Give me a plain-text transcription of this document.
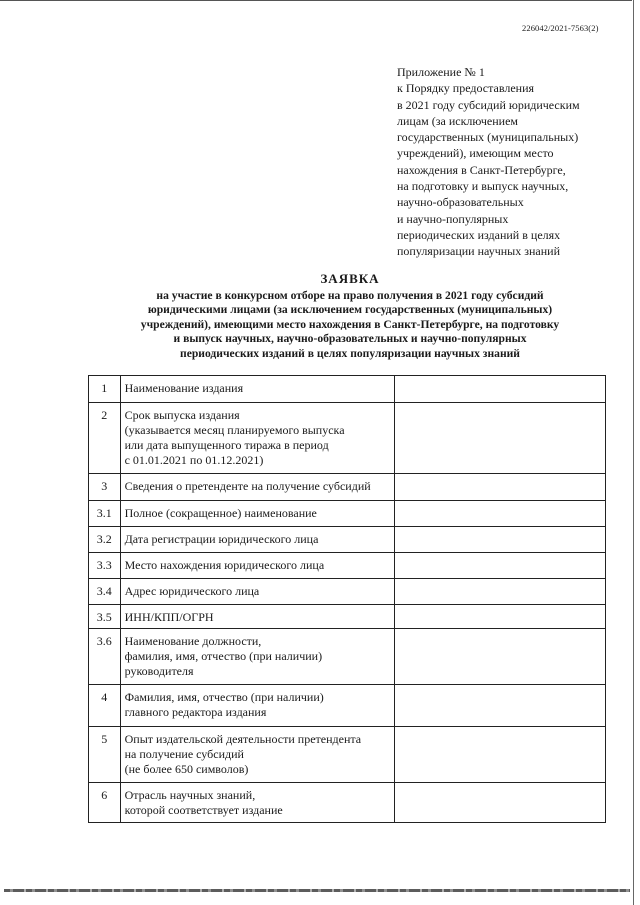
226042/2021-7563(2)
Приложение № 1
к Порядку предоставления
в 2021 году субсидий юридическим
лицам (за исключением
государственных (муниципальных)
учреждений), имеющим место
нахождения в Санкт-Петербурге,
на подготовку и выпуск научных,
научно-образовательных
и научно-популярных
периодических изданий в целях
популяризации научных знаний
ЗАЯВКА
на участие в конкурсном отборе на право получения в 2021 году субсидий
юридическими лицами (за исключением государственных (муниципальных)
учреждений), имеющими место нахождения в Санкт-Петербурге, на подготовку
и выпуск научных, научно-образовательных и научно-популярных
периодических изданий в целях популяризации научных знаний
1	Наименование издания	

2	Срок выпуска издания
(указывается месяц планируемого выпуска
или дата выпущенного тиража в период
с 01.01.2021 по 01.12.2021)	

3	Сведения о претенденте на получение субсидий	

3.1	Полное (сокращенное) наименование	

3.2	Дата регистрации юридического лица	

3.3	Место нахождения юридического лица	

3.4	Адрес юридического лица	

3.5	ИНН/КПП/ОГРН	

3.6	Наименование должности,
фамилия, имя, отчество (при наличии)
руководителя	

4	Фамилия, имя, отчество (при наличии)
главного редактора издания	

5	Опыт издательской деятельности претендента
на получение субсидий
(не более 650 символов)	

6	Отрасль научных знаний,
которой соответствует издание	
